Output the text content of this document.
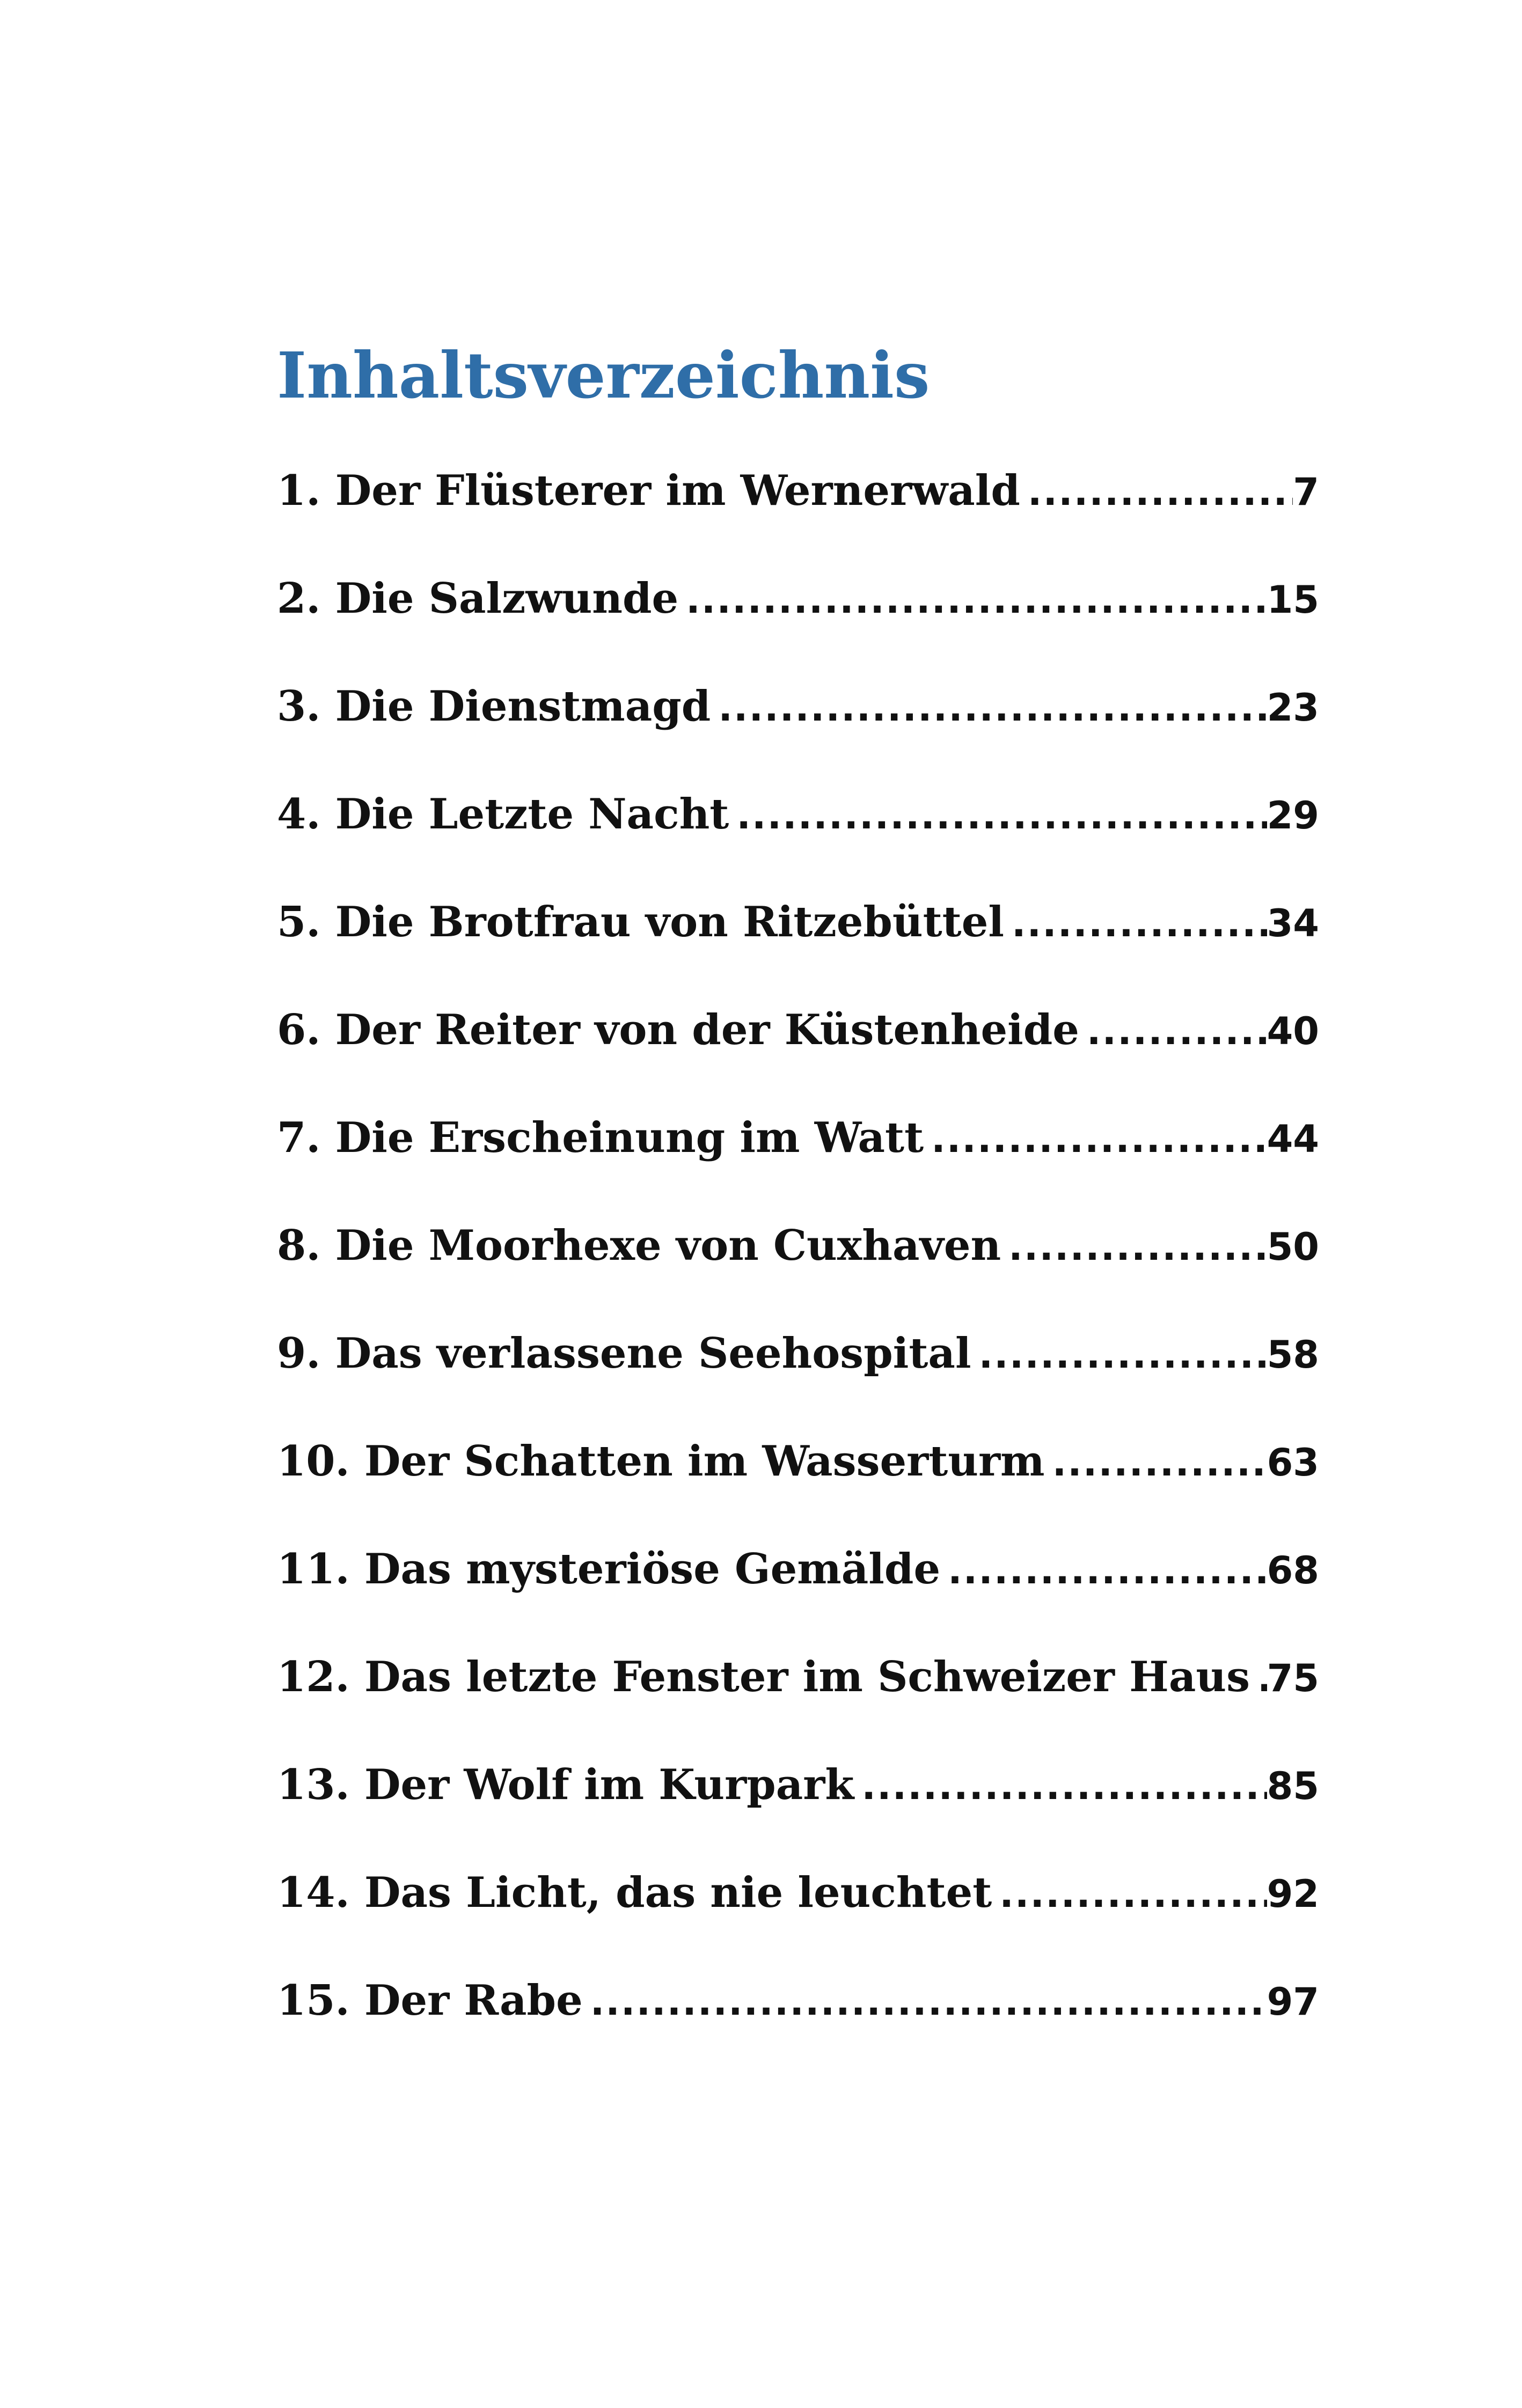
Inhaltsverzeichnis
1. Der Flüsterer im Wernerwald .....	7
2. Die Salzwunde .....	15
3. Die Dienstmagd .....	23
4. Die Letzte Nacht .....	29
5. Die Brotfrau von Ritzebüttel .....	34
6. Der Reiter von der Küstenheide .....	40
7. Die Erscheinung im Watt .....	44
8. Die Moorhexe von Cuxhaven .....	50
9. Das verlassene Seehospital .....	58
10. Der Schatten im Wasserturm .....	63
11. Das mysteriöse Gemälde .....	68
12. Das letzte Fenster im Schweizer Haus ..... 75
13. Der Wolf im Kurpark .....	85
14. Das Licht, das nie leuchtet .....	92
15. Der Rabe .....	97
